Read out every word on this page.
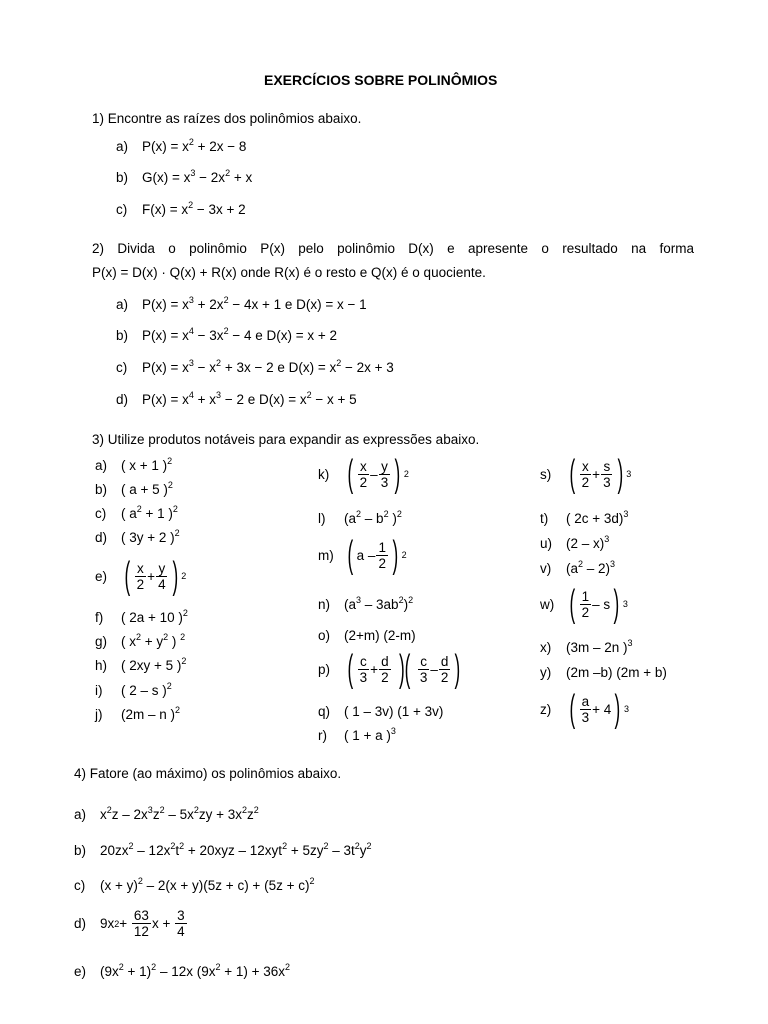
EXERCÍCIOS SOBRE POLINÔMIOS
1) Encontre as raízes dos polinômios abaixo.
a) $P(x) = x^2 + 2x - 8$
b) $G(x) = x^3 - 2x^2 + x$
c) $F(x) = x^2 - 3x + 2$
2) Divida o polinômio P(x) pelo polinômio D(x) e apresente o resultado na forma
P(x) = D(x) · Q(x) + R(x) onde R(x) é o resto e Q(x) é o quociente.
a) $P(x) = x^3 + 2x^2 - 4x + 1$ e D(x) = x − 1
b) $P(x) = x^4 - 3x^2 - 4$ e D(x) = x + 2
c) $P(x) = x^3 - x^2 + 3x - 2$ e $D(x) = x^2 - 2x + 3$
d) $P(x) = x^4 + x^3 - 2$ e $D(x) = x^2 - x + 5$
3) Utilize produtos notáveis para expandir as expressões abaixo.
a) ( x + 1 )$^2$
b) ( a + 5 )$^2$
c) ( $a^2 + 1$ )$^2$
d) ( 3y + 2 )$^2$
e) ( x
2
+
y
4 ) 2
f) ( 2a + 10 )$^2$
g) ( $x^2 + y^2$ ) $^2$
h) ( 2xy + 5 )$^2$
i) ( 2 – s )$^2$
j) (2m – n )$^2$
k) ( x
2
–
y
3 ) 2
l) ($a^2 - b^2$ )$^2$
m) ( a –
1
2 ) 2
n) $(a^3 - 3ab^2)^2$
o) (2+m) (2-m)
p) ( c
3
+
d
2 )( c
3
–
d
2 )
q) ( 1 – 3v) (1 + 3v)
r) ( 1 + a )$^3$
s) ( x
2
+
s
3 ) 3
t) ( 2c + 3d)$^3$
u) (2 – x)$^3$
v) $(a^2 - 2)^3$
w) ( 1
2
– s ) 3
x) (3m – 2n )$^3$
y) (2m –b) (2m + b)
z) ( a
3
+ 4 ) 3
4) Fatore (ao máximo) os polinômios abaixo.
a) $x^2z - 2x^3z^2 - 5x^2zy + 3x^2z^2$
b) $20zx^2 - 12x^2t^2 + 20xyz - 12xyt^2 + 5zy^2 - 3t^2y^2$
c) $(x + y)^2 - 2(x + y)(5z + c) + (5z + c)^2$
d)	9x 2 +
63
12
x +
3
4
e) $(9x^2 + 1)^2 - 12x$ $(9x^2 + 1) + 36x^2$
